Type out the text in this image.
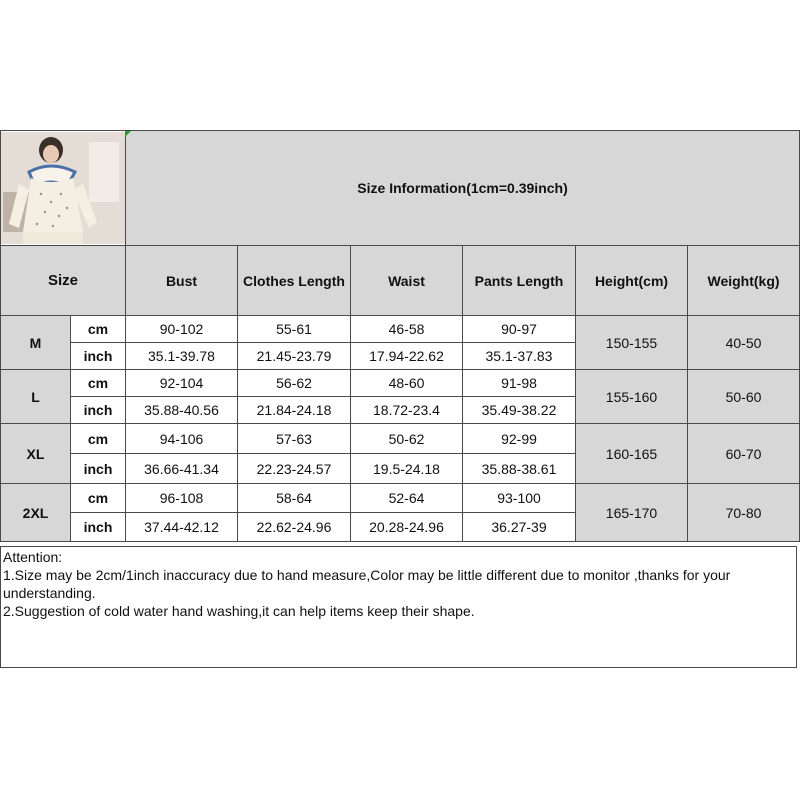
	Size Information(1cm=0.39inch)					
Size		Bust	Clothes Length	Waist	Pants Length	Height(cm)	Weight(kg)
M	cm	90-102	55-61	46-58	90-97	150-155	40-50
	inch	35.1-39.78	21.45-23.79	17.94-22.62	35.1-37.83		
L	cm	92-104	56-62	48-60	91-98	155-160	50-60
	inch	35.88-40.56	21.84-24.18	18.72-23.4	35.49-38.22		
XL	cm	94-106	57-63	50-62	92-99	160-165	60-70
	inch	36.66-41.34	22.23-24.57	19.5-24.18	35.88-38.61		
2XL	cm	96-108	58-64	52-64	93-100	165-170	70-80
	inch	37.44-42.12	22.62-24.96	20.28-24.96	36.27-39		
Attention:
1.Size may be 2cm/1inch inaccuracy due to hand measure,Color may be little different due to monitor ,thanks for your understanding.
2.Suggestion of cold water hand washing,it can help items keep their shape.
